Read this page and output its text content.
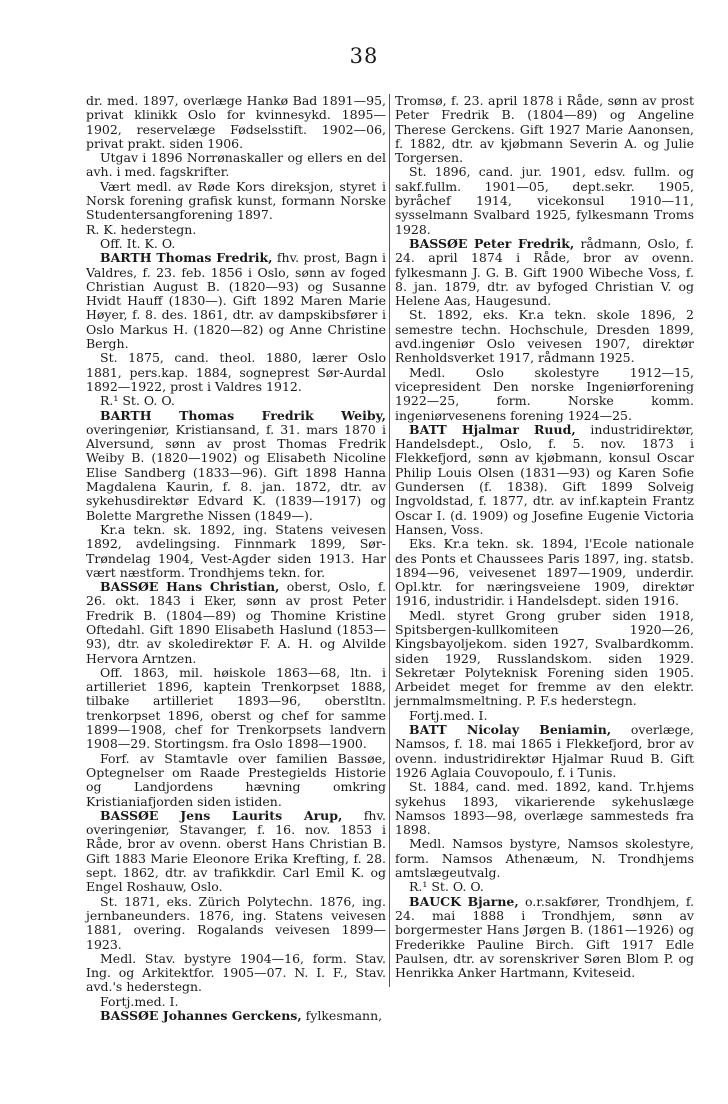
38

dr. med. 1897, overlæge Hankø Bad 1891—95, privat klinikk Oslo for kvinnesykd. 1895—1902, reservelæge Fødselsstift. 1902—06, privat prakt. siden 1906.

Utgav i 1896 Norrønaskaller og ellers en del avh. i med. fagskrifter.

Vært medl. av Røde Kors direksjon, styret i Norsk forening grafisk kunst, formann Norske Studentersangforening 1897.

R. K. hederstegn.

Off. It. K. O.

BARTH Thomas Fredrik, fhv. prost, Bagn i Valdres, f. 23. feb. 1856 i Oslo, sønn av foged Christian August B. (1820—93) og Susanne Hvidt Hauff (1830—). Gift 1892 Maren Marie Høyer, f. 8. des. 1861, dtr. av dampskibsfører i Oslo Markus H. (1820—82) og Anne Christine Bergh.

St. 1875, cand. theol. 1880, lærer Oslo 1881, pers.kap. 1884, sogneprest Sør-Aurdal 1892—1922, prost i Valdres 1912.

R.¹ St. O. O.

BARTH Thomas Fredrik Weiby, overingeniør, Kristiansand, f. 31. mars 1870 i Alversund, sønn av prost Thomas Fredrik Weiby B. (1820—1902) og Elisabeth Nicoline Elise Sandberg (1833—96). Gift 1898 Hanna Magdalena Kaurin, f. 8. jan. 1872, dtr. av sykehusdirektør Edvard K. (1839—1917) og Bolette Margrethe Nissen (1849—).

Kr.a tekn. sk. 1892, ing. Statens veivesen 1892, avdelingsing. Finnmark 1899, Sør-Trøndelag 1904, Vest-Agder siden 1913. Har vært næstform. Trondhjems tekn. for.

BASSØE Hans Christian, oberst, Oslo, f. 26. okt. 1843 i Eker, sønn av prost Peter Fredrik B. (1804—89) og Thomine Kristine Oftedahl. Gift 1890 Elisabeth Haslund (1853—93), dtr. av skoledirektør F. A. H. og Alvilde Hervora Arntzen.

Off. 1863, mil. høiskole 1863—68, ltn. i artilleriet 1896, kaptein Trenkorpset 1888, tilbake artilleriet 1893—96, oberstltn. trenkorpset 1896, oberst og chef for samme 1899—1908, chef for Trenkorpsets landvern 1908—29. Stortingsm. fra Oslo 1898—1900.

Forf. av Stamtavle over familien Bassøe, Optegnelser om Raade Prestegields Historie og Landjordens hævning omkring Kristianiafjorden siden istiden.

BASSØE Jens Laurits Arup, fhv. overingeniør, Stavanger, f. 16. nov. 1853 i Råde, bror av ovenn. oberst Hans Christian B. Gift 1883 Marie Eleonore Erika Krefting, f. 28. sept. 1862, dtr. av trafikkdir. Carl Emil K. og Engel Roshauw, Oslo.

St. 1871, eks. Zürich Polytechn. 1876, ing. jernbaneunders. 1876, ing. Statens veivesen 1881, overing. Rogalands veivesen 1899—1923.

Medl. Stav. bystyre 1904—16, form. Stav. Ing. og Arkitektfor. 1905—07. N. I. F., Stav. avd.'s hederstegn.

Fortj.med. I.

BASSØE Johannes Gerckens, fylkesmann,

Tromsø, f. 23. april 1878 i Råde, sønn av prost Peter Fredrik B. (1804—89) og Angeline Therese Gerckens. Gift 1927 Marie Aanonsen, f. 1882, dtr. av kjøbmann Severin A. og Julie Torgersen.

St. 1896, cand. jur. 1901, edsv. fullm. og sakf.fullm. 1901—05, dept.sekr. 1905, byråchef 1914, vicekonsul 1910—11, sysselmann Svalbard 1925, fylkesmann Troms 1928.

BASSØE Peter Fredrik, rådmann, Oslo, f. 24. april 1874 i Råde, bror av ovenn. fylkesmann J. G. B. Gift 1900 Wibeche Voss, f. 8. jan. 1879, dtr. av byfoged Christian V. og Helene Aas, Haugesund.

St. 1892, eks. Kr.a tekn. skole 1896, 2 semestre techn. Hochschule, Dresden 1899, avd.ingeniør Oslo veivesen 1907, direktør Renholdsverket 1917, rådmann 1925.

Medl. Oslo skolestyre 1912—15, vicepresident Den norske Ingeniørforening 1922—25, form. Norske komm. ingeniørvesenens forening 1924—25.

BATT Hjalmar Ruud, industridirektør, Handelsdept., Oslo, f. 5. nov. 1873 i Flekkefjord, sønn av kjøbmann, konsul Oscar Philip Louis Olsen (1831—93) og Karen Sofie Gundersen (f. 1838). Gift 1899 Solveig Ingvoldstad, f. 1877, dtr. av inf.kaptein Frantz Oscar I. (d. 1909) og Josefine Eugenie Victoria Hansen, Voss.

Eks. Kr.a tekn. sk. 1894, l'Ecole nationale des Ponts et Chaussees Paris 1897, ing. statsb. 1894—96, veivesenet 1897—1909, underdir. Opl.ktr. for næringsveiene 1909, direktør 1916, industridir. i Handelsdept. siden 1916.

Medl. styret Grong gruber siden 1918, Spitsbergen-kullkomiteen 1920—26, Kingsbayoljekom. siden 1927, Svalbardkomm. siden 1929, Russlandskom. siden 1929. Sekretær Polyteknisk Forening siden 1905. Arbeidet meget for fremme av den elektr. jernmalmsmeltning. P. F.s hederstegn.

Fortj.med. I.

BATT Nicolay Beniamin, overlæge, Namsos, f. 18. mai 1865 i Flekkefjord, bror av ovenn. industridirektør Hjalmar Ruud B. Gift 1926 Aglaia Couvopoulo, f. i Tunis.

St. 1884, cand. med. 1892, kand. Tr.hjems sykehus 1893, vikarierende sykehuslæge Namsos 1893—98, overlæge sammesteds fra 1898.

Medl. Namsos bystyre, Namsos skolestyre, form. Namsos Athenæum, N. Trondhjems amtslægeutvalg.

R.¹ St. O. O.

BAUCK Bjarne, o.r.sakfører, Trondhjem, f. 24. mai 1888 i Trondhjem, sønn av borgermester Hans Jørgen B. (1861—1926) og Frederikke Pauline Birch. Gift 1917 Edle Paulsen, dtr. av sorenskriver Søren Blom P. og Henrikka Anker Hartmann, Kviteseid.
